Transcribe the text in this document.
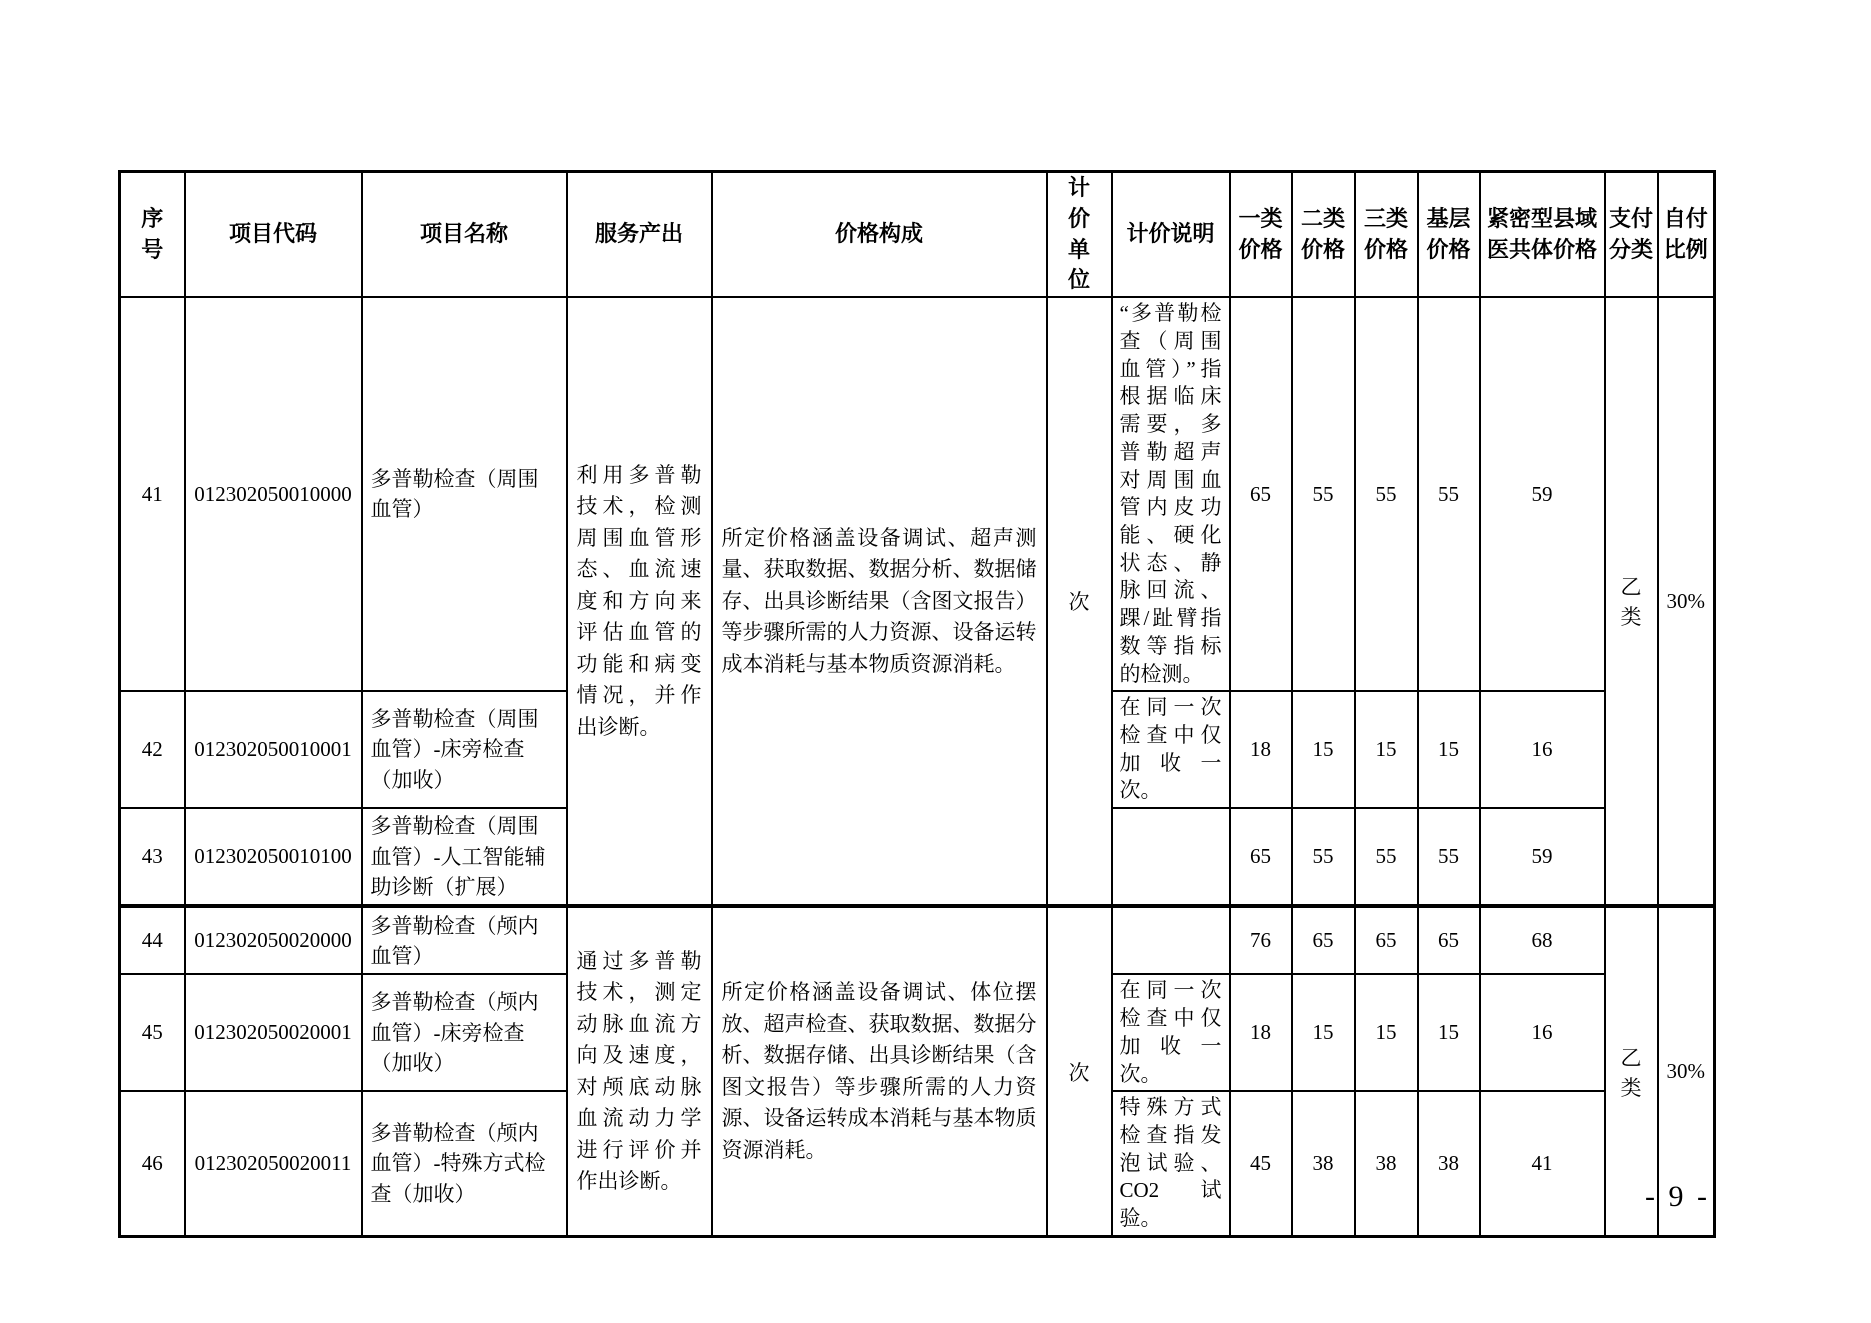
序号	项目代码	项目名称	服务产出	价格构成	计价单位	计价说明	一类价格	二类价格	三类价格	基层价格	紧密型县域医共体价格	支付分类	自付比例
41	012302050010000	多普勒检查（周围血管）	利用多普勒技术，检测周围血管形态、血流速度和方向来评估血管的功能和病变情况，并作出诊断。	所定价格涵盖设备调试、超声测量、获取数据、数据分析、数据储存、出具诊断结果（含图文报告）等步骤所需的人力资源、设备运转成本消耗与基本物质资源消耗。	次	“多普勒检查（周围血管）”指根据临床需要，多普勒超声对周围血管内皮功能、硬化状态、静脉回流、踝/趾臂指数等指标的检测。	65	55	55	55	59	乙类	30%
42	012302050010001	多普勒检查（周围血管）-床旁检查（加收）				在同一次检查中仅加收一次。	18	15	15	15	16		
43	012302050010100	多普勒检查（周围血管）-人工智能辅助诊断（扩展）					65	55	55	55	59		
44	012302050020000	多普勒检查（颅内血管）	通过多普勒技术，测定动脉血流方向及速度，对颅底动脉血流动力学进行评价并作出诊断。	所定价格涵盖设备调试、体位摆放、超声检查、获取数据、数据分析、数据存储、出具诊断结果（含图文报告）等步骤所需的人力资源、设备运转成本消耗与基本物质资源消耗。	次		76	65	65	65	68	乙类	30%
45	012302050020001	多普勒检查（颅内血管）-床旁检查（加收）				在同一次检查中仅加收一次。	18	15	15	15	16		
46	012302050020011	多普勒检查（颅内血管）-特殊方式检查（加收）				特殊方式检查指发泡试验、CO2 试验。	45	38	38	38	41		
- 9 -
